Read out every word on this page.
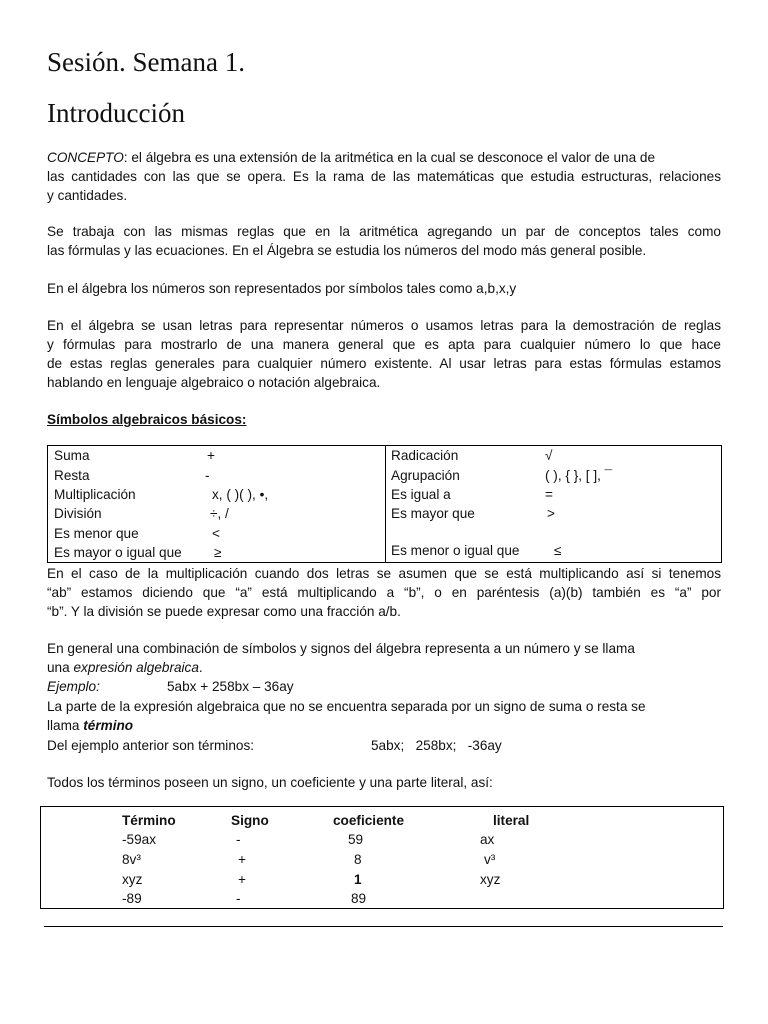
Sesión. Semana 1.
Introducción
CONCEPTO: el álgebra es una extensión de la aritmética en la cual se desconoce el valor de una de
las cantidades con las que se opera. Es la rama de las matemáticas que estudia estructuras, relaciones
y cantidades.
Se trabaja con las mismas reglas que en la aritmética agregando un par de conceptos tales como
las fórmulas y las ecuaciones. En el Álgebra se estudia los números del modo más general posible.
En el álgebra los números son representados por símbolos tales como a,b,x,y
En el álgebra se usan letras para representar números o usamos letras para la demostración de reglas
y fórmulas para mostrarlo de una manera general que es apta para cualquier número lo que hace
de estas reglas generales para cualquier número existente. Al usar letras para estas fórmulas estamos
hablando en lenguaje algebraico o notación algebraica.
Símbolos algebraicos básicos:
Suma	+
Resta	-
Multiplicación	x, ( )( ), •,
División	÷, /
Es menor que	<
Es mayor o igual que ≥
Radicación	√
Agrupación	( ), { }, [ ], ¯
Es igual a	=
Es mayor que	>
Es menor o igual que	≤
En el caso de la multiplicación cuando dos letras se asumen que se está multiplicando así si tenemos
“ab” estamos diciendo que “a” está multiplicando a “b”, o en paréntesis (a)(b) también es “a” por
“b”. Y la división se puede expresar como una fracción a/b.
En general una combinación de símbolos y signos del álgebra representa a un número y se llama
una expresión algebraica.
Ejemplo:	5abx + 258bx – 36ay
La parte de la expresión algebraica que no se encuentra separada por un signo de suma o resta se
llama término
Del ejemplo anterior son términos:	5abx;   258bx;   -36ay
Todos los términos poseen un signo, un coeficiente y una parte literal, así:
Término	Signo	coeficiente	literal
-59ax	-	59	ax
8v³	+	8	v³
xyz	+	1	xyz
-89	-	89
